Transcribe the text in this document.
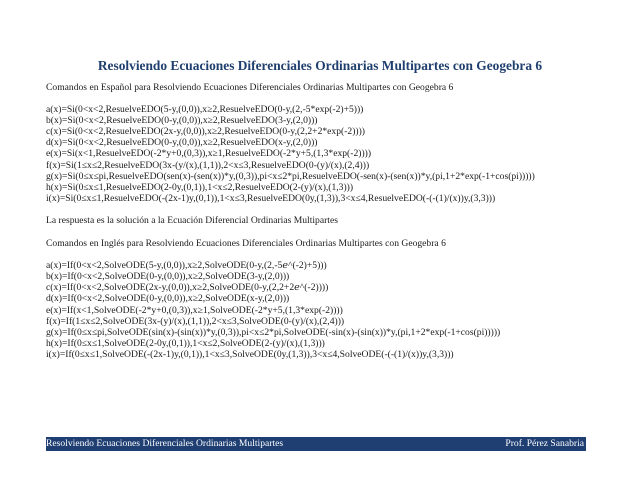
Resolviendo Ecuaciones Diferenciales Ordinarias Multipartes con Geogebra 6
Comandos en Español para Resolviendo Ecuaciones Diferenciales Ordinarias Multipartes con Geogebra 6
a(x)=Si(0<x<2,ResuelveEDO(5-y,(0,0)),x≥2,ResuelveEDO(0-y,(2,-5*exp(-2)+5)))
b(x)=Si(0<x<2,ResuelveEDO(0-y,(0,0)),x≥2,ResuelveEDO(3-y,(2,0)))
c(x)=Si(0<x<2,ResuelveEDO(2x-y,(0,0)),x≥2,ResuelveEDO(0-y,(2,2+2*exp(-2))))
d(x)=Si(0<x<2,ResuelveEDO(0-y,(0,0)),x≥2,ResuelveEDO(x-y,(2,0)))
e(x)=Si(x<1,ResuelveEDO(-2*y+0,(0,3)),x≥1,ResuelveEDO(-2*y+5,(1,3*exp(-2))))
f(x)=Si(1≤x≤2,ResuelveEDO(3x-(y/(x),(1,1)),2<x≤3,ResuelveEDO(0-(y)/(x),(2,4)))
g(x)=Si(0≤x≤pi,ResuelveEDO(sen(x)-(sen(x))*y,(0,3)),pi<x≤2*pi,ResuelveEDO(-sen(x)-(sen(x))*y,(pi,1+2*exp(-1+cos(pi)))))
h(x)=Si(0≤x≤1,ResuelveEDO(2-0y,(0,1)),1<x≤2,ResuelveEDO(2-(y)/(x),(1,3)))
i(x)=Si(0≤x≤1,ResuelveEDO(-(2x-1)y,(0,1)),1<x≤3,ResuelveEDO(0y,(1,3)),3<x≤4,ResuelveEDO(-(-(1)/(x))y,(3,3)))
La respuesta es la solución a la Ecuación Diferencial Ordinarias Multipartes
Comandos en Inglés para Resolviendo Ecuaciones Diferenciales Ordinarias Multipartes con Geogebra 6
a(x)=If(0<x<2,SolveODE(5-y,(0,0)),x≥2,SolveODE(0-y,(2,-5ℯ^(-2)+5)))
b(x)=If(0<x<2,SolveODE(0-y,(0,0)),x≥2,SolveODE(3-y,(2,0)))
c(x)=If(0<x<2,SolveODE(2x-y,(0,0)),x≥2,SolveODE(0-y,(2,2+2ℯ^(-2))))
d(x)=If(0<x<2,SolveODE(0-y,(0,0)),x≥2,SolveODE(x-y,(2,0)))
e(x)=If(x<1,SolveODE(-2*y+0,(0,3)),x≥1,SolveODE(-2*y+5,(1,3*exp(-2))))
f(x)=If(1≤x≤2,SolveODE(3x-(y)/(x),(1,1)),2<x≤3,SolveODE(0-(y)/(x),(2,4)))
g(x)=If(0≤x≤pi,SolveODE(sin(x)-(sin(x))*y,(0,3)),pi<x≤2*pi,SolveODE(-sin(x)-(sin(x))*y,(pi,1+2*exp(-1+cos(pi)))))
h(x)=If(0≤x≤1,SolveODE(2-0y,(0,1)),1<x≤2,SolveODE(2-(y)/(x),(1,3)))
i(x)=If(0≤x≤1,SolveODE(-(2x-1)y,(0,1)),1<x≤3,SolveODE(0y,(1,3)),3<x≤4,SolveODE(-(-(1)/(x))y,(3,3)))
Resolviendo Ecuaciones Diferenciales Ordinarias Multipartes	Prof. Pérez Sanabria
